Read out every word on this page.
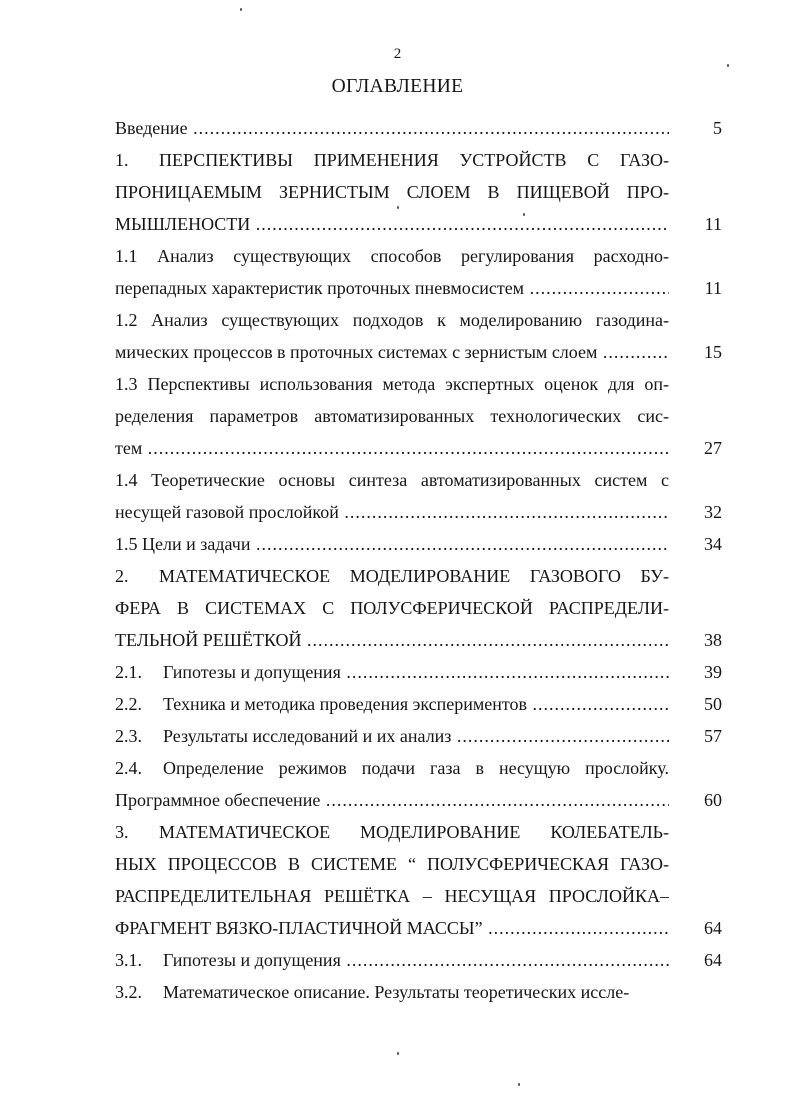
2
ОГЛАВЛЕНИЕ
Введение .....	5
1. ПЕРСПЕКТИВЫ ПРИМЕНЕНИЯ УСТРОЙСТВ С ГАЗО-
ПРОНИЦАЕМЫМ ЗЕРНИСТЫМ СЛОЕМ В ПИЩЕВОЙ ПРО-
МЫШЛЕНОСТИ .....	11
1.1 Анализ существующих способов регулирования расходно-
перепадных характеристик проточных пневмосистем .....	11
1.2 Анализ существующих подходов к моделированию газодина-
мических процессов в проточных системах с зернистым слоем .....	15
1.3 Перспективы использования метода экспертных оценок для оп-
ределения параметров автоматизированных технологических сис-
тем .....	27
1.4 Теоретические основы синтеза автоматизированных систем с
несущей газовой прослойкой .....	32
1.5 Цели и задачи .....	34
2. МАТЕМАТИЧЕСКОЕ МОДЕЛИРОВАНИЕ ГАЗОВОГО БУ-
ФЕРА В СИСТЕМАХ С ПОЛУСФЕРИЧЕСКОЙ РАСПРЕДЕЛИ-
ТЕЛЬНОЙ РЕШЁТКОЙ .....	38
2.1. Гипотезы и допущения .....	39
2.2. Техника и методика проведения экспериментов .....	50
2.3. Результаты исследований и их анализ .....	57
2.4. Определение режимов подачи газа в несущую прослойку.
Программное обеспечение .....	60
3. МАТЕМАТИЧЕСКОЕ МОДЕЛИРОВАНИЕ КОЛЕБАТЕЛЬ-
НЫХ ПРОЦЕССОВ В СИСТЕМЕ “ ПОЛУСФЕРИЧЕСКАЯ ГАЗО-
РАСПРЕДЕЛИТЕЛЬНАЯ РЕШЁТКА – НЕСУЩАЯ ПРОСЛОЙКА–
ФРАГМЕНТ ВЯЗКО-ПЛАСТИЧНОЙ МАССЫ” .....	64
3.1. Гипотезы и допущения .....	64
3.2. Математическое описание. Результаты теоретических иссле-
